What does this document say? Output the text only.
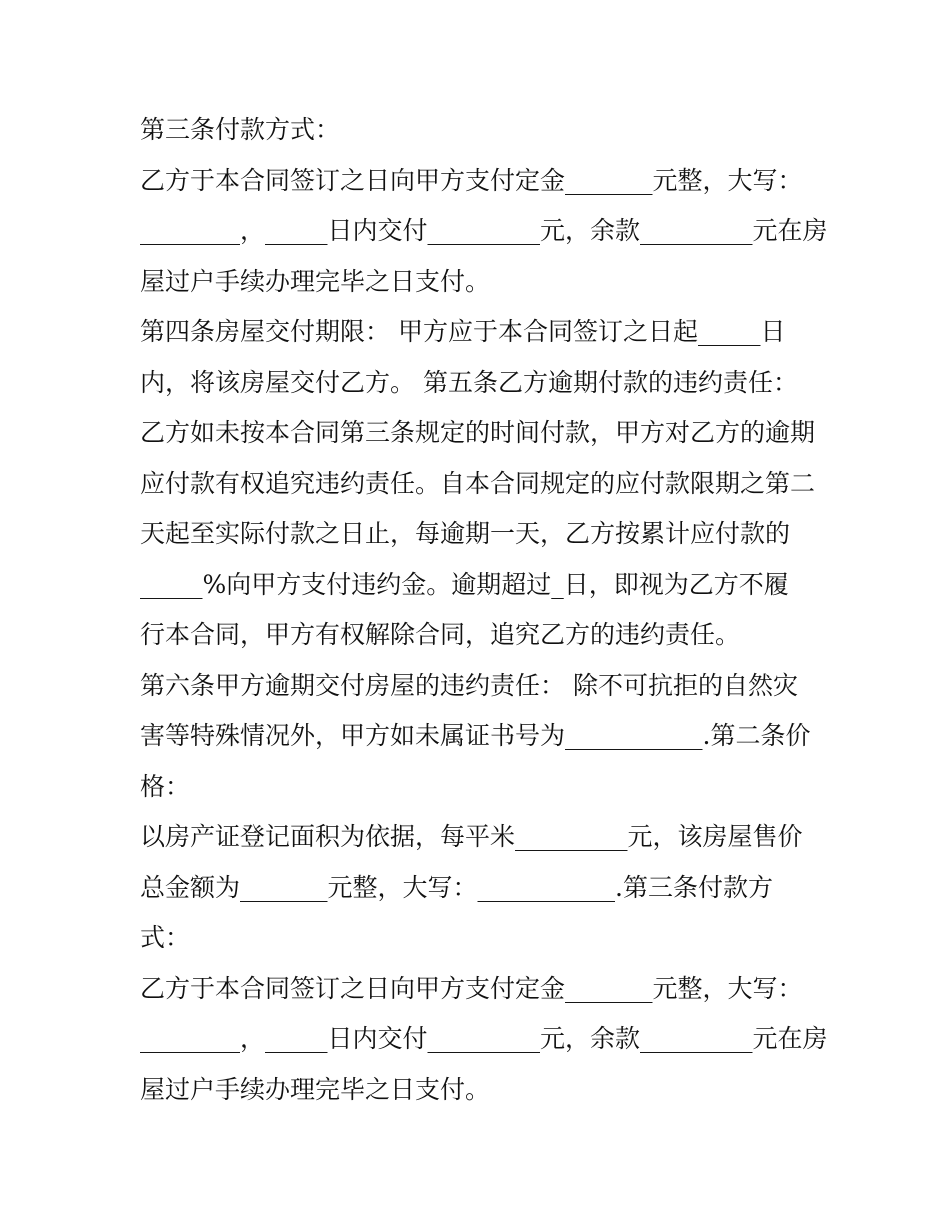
第三条付款方式：
乙方于本合同签订之日向甲方支付定金_______元整，大写：
________，_____日内交付_________元，余款_________元在房
屋过户手续办理完毕之日支付。
第四条房屋交付期限： 甲方应于本合同签订之日起_____日
内，将该房屋交付乙方。 第五条乙方逾期付款的违约责任：
乙方如未按本合同第三条规定的时间付款，甲方对乙方的逾期
应付款有权追究违约责任。自本合同规定的应付款限期之第二
天起至实际付款之日止，每逾期一天，乙方按累计应付款的
_____%向甲方支付违约金。逾期超过_日，即视为乙方不履
行本合同，甲方有权解除合同，追究乙方的违约责任。
第六条甲方逾期交付房屋的违约责任： 除不可抗拒的自然灾
害等特殊情况外，甲方如未属证书号为___________.第二条价
格：
以房产证登记面积为依据，每平米_________元，该房屋售价
总金额为_______元整，大写：___________.第三条付款方
式：
乙方于本合同签订之日向甲方支付定金_______元整，大写：
________，_____日内交付_________元，余款_________元在房
屋过户手续办理完毕之日支付。
